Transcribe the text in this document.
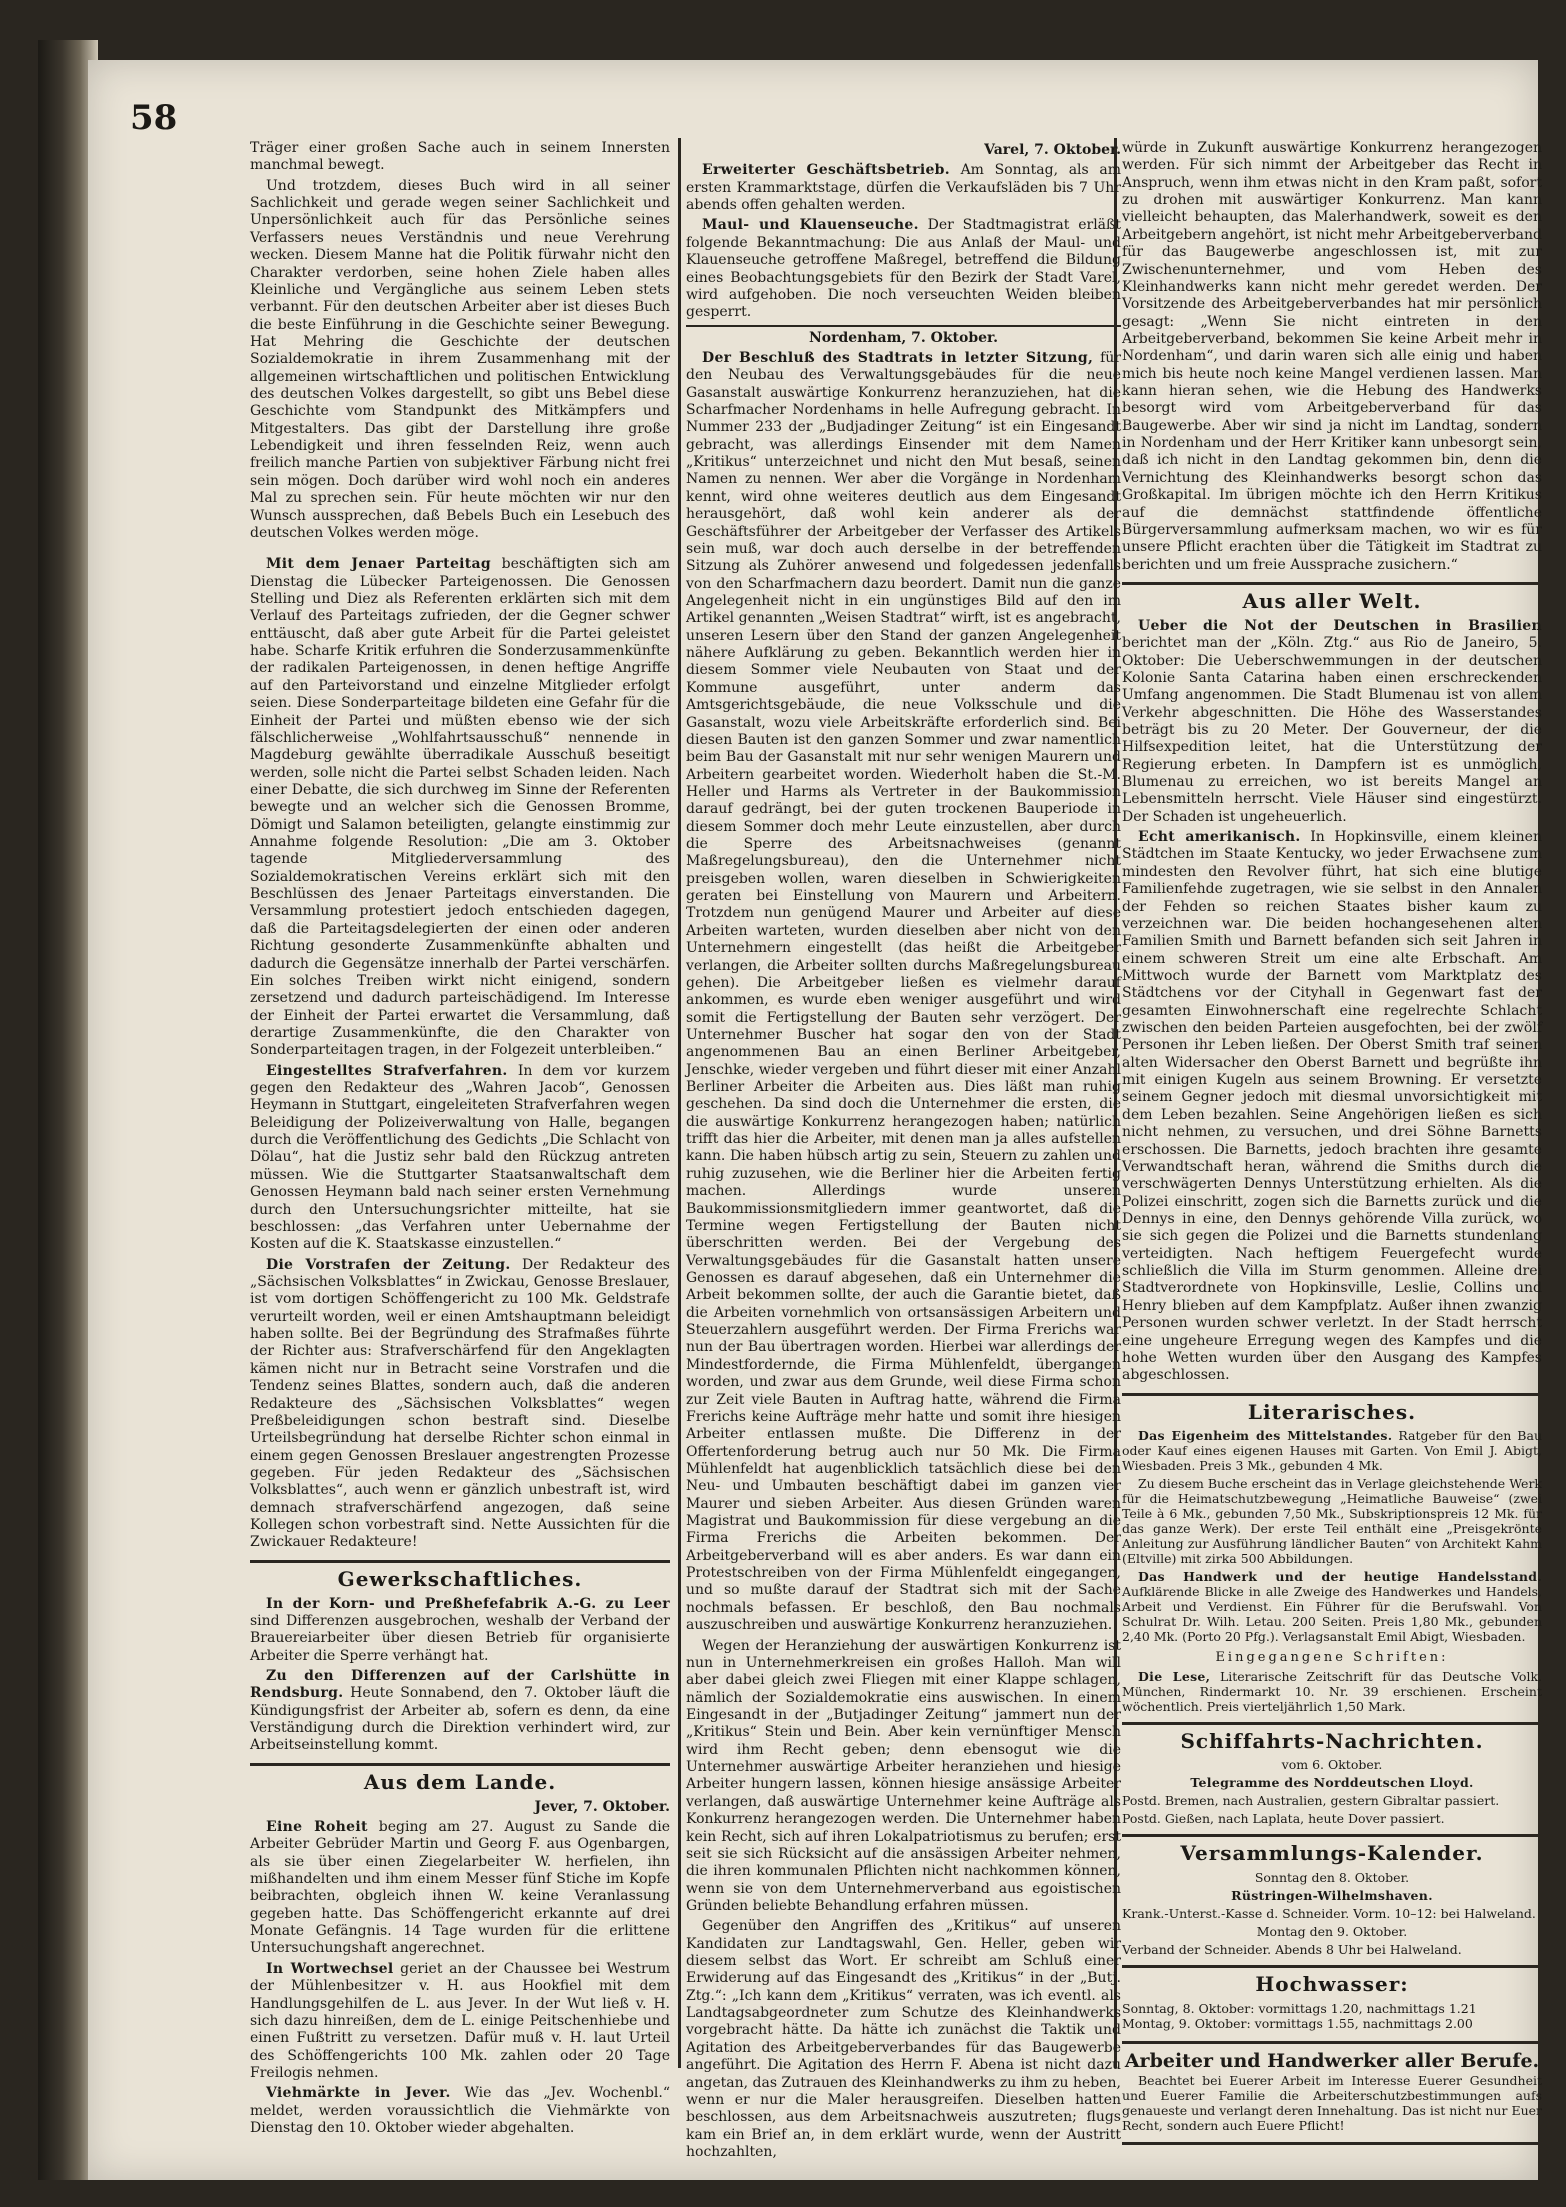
58

Träger einer großen Sache auch in seinem Innersten manchmal bewegt.

Und trotzdem, dieses Buch wird in all seiner Sachlichkeit und gerade wegen seiner Sachlichkeit und Unpersönlichkeit auch für das Persönliche seines Verfassers neues Verständnis und neue Verehrung wecken. Diesem Manne hat die Politik fürwahr nicht den Charakter verdorben, seine hohen Ziele haben alles Kleinliche und Vergängliche aus seinem Leben stets verbannt. Für den deutschen Arbeiter aber ist dieses Buch die beste Einführung in die Geschichte seiner Bewegung. Hat Mehring die Geschichte der deutschen Sozialdemokratie in ihrem Zusammenhang mit der allgemeinen wirtschaftlichen und politischen Entwicklung des deutschen Volkes dargestellt, so gibt uns Bebel diese Geschichte vom Standpunkt des Mitkämpfers und Mitgestalters. Das gibt der Darstellung ihre große Lebendigkeit und ihren fesselnden Reiz, wenn auch freilich manche Partien von subjektiver Färbung nicht frei sein mögen. Doch darüber wird wohl noch ein anderes Mal zu sprechen sein. Für heute möchten wir nur den Wunsch aussprechen, daß Bebels Buch ein Lesebuch des deutschen Volkes werden möge.

Mit dem Jenaer Parteitag beschäftigten sich am Dienstag die Lübecker Parteigenossen. Die Genossen Stelling und Diez als Referenten erklärten sich mit dem Verlauf des Parteitags zufrieden, der die Gegner schwer enttäuscht, daß aber gute Arbeit für die Partei geleistet habe. Scharfe Kritik erfuhren die Sonderzusammenkünfte der radikalen Parteigenossen, in denen heftige Angriffe auf den Parteivorstand und einzelne Mitglieder erfolgt seien. Diese Sonderparteitage bildeten eine Gefahr für die Einheit der Partei und müßten ebenso wie der sich fälschlicherweise „Wohlfahrtsausschuß“ nennende in Magdeburg gewählte überradikale Ausschuß beseitigt werden, solle nicht die Partei selbst Schaden leiden. Nach einer Debatte, die sich durchweg im Sinne der Referenten bewegte und an welcher sich die Genossen Bromme, Dömigt und Salamon beteiligten, gelangte einstimmig zur Annahme folgende Resolution: „Die am 3. Oktober tagende Mitgliederversammlung des Sozialdemokratischen Vereins erklärt sich mit den Beschlüssen des Jenaer Parteitags einverstanden. Die Versammlung protestiert jedoch entschieden dagegen, daß die Parteitagsdelegierten der einen oder anderen Richtung gesonderte Zusammenkünfte abhalten und dadurch die Gegensätze innerhalb der Partei verschärfen. Ein solches Treiben wirkt nicht einigend, sondern zersetzend und dadurch parteischädigend. Im Interesse der Einheit der Partei erwartet die Versammlung, daß derartige Zusammenkünfte, die den Charakter von Sonderparteitagen tragen, in der Folgezeit unterbleiben.“

Eingestelltes Strafverfahren. In dem vor kurzem gegen den Redakteur des „Wahren Jacob“, Genossen Heymann in Stuttgart, eingeleiteten Strafverfahren wegen Beleidigung der Polizeiverwaltung von Halle, begangen durch die Veröffentlichung des Gedichts „Die Schlacht von Dölau“, hat die Justiz sehr bald den Rückzug antreten müssen. Wie die Stuttgarter Staatsanwaltschaft dem Genossen Heymann bald nach seiner ersten Vernehmung durch den Untersuchungsrichter mitteilte, hat sie beschlossen: „das Verfahren unter Uebernahme der Kosten auf die K. Staatskasse einzustellen.“

Die Vorstrafen der Zeitung. Der Redakteur des „Sächsischen Volksblattes“ in Zwickau, Genosse Breslauer, ist vom dortigen Schöffengericht zu 100 Mk. Geldstrafe verurteilt worden, weil er einen Amtshauptmann beleidigt haben sollte. Bei der Begründung des Strafmaßes führte der Richter aus: Strafverschärfend für den Angeklagten kämen nicht nur in Betracht seine Vorstrafen und die Tendenz seines Blattes, sondern auch, daß die anderen Redakteure des „Sächsischen Volksblattes“ wegen Preßbeleidigungen schon bestraft sind. Dieselbe Urteilsbegründung hat derselbe Richter schon einmal in einem gegen Genossen Breslauer angestrengten Prozesse gegeben. Für jeden Redakteur des „Sächsischen Volksblattes“, auch wenn er gänzlich unbestraft ist, wird demnach strafverschärfend angezogen, daß seine Kollegen schon vorbestraft sind. Nette Aussichten für die Zwickauer Redakteure!

Gewerkschaftliches.

In der Korn- und Preßhefefabrik A.-G. zu Leer sind Differenzen ausgebrochen, weshalb der Verband der Brauereiarbeiter über diesen Betrieb für organisierte Arbeiter die Sperre verhängt hat.

Zu den Differenzen auf der Carlshütte in Rendsburg. Heute Sonnabend, den 7. Oktober läuft die Kündigungsfrist der Arbeiter ab, sofern es denn, da eine Verständigung durch die Direktion verhindert wird, zur Arbeitseinstellung kommt.

Aus dem Lande.
Jever, 7. Oktober.

Eine Roheit beging am 27. August zu Sande die Arbeiter Gebrüder Martin und Georg F. aus Ogenbargen, als sie über einen Ziegelarbeiter W. herfielen, ihn mißhandelten und ihm einem Messer fünf Stiche im Kopfe beibrachten, obgleich ihnen W. keine Veranlassung gegeben hatte. Das Schöffengericht erkannte auf drei Monate Gefängnis. 14 Tage wurden für die erlittene Untersuchungshaft angerechnet.

In Wortwechsel geriet an der Chaussee bei Westrum der Mühlenbesitzer v. H. aus Hookfiel mit dem Handlungsgehilfen de L. aus Jever. In der Wut ließ v. H. sich dazu hinreißen, dem de L. einige Peitschenhiebe und einen Fußtritt zu versetzen. Dafür muß v. H. laut Urteil des Schöffengerichts 100 Mk. zahlen oder 20 Tage Freilogis nehmen.

Viehmärkte in Jever. Wie das „Jev. Wochenbl.“ meldet, werden voraussichtlich die Viehmärkte von Dienstag den 10. Oktober wieder abgehalten.

Varel, 7. Oktober.

Erweiterter Geschäftsbetrieb. Am Sonntag, als am ersten Krammarktstage, dürfen die Verkaufsläden bis 7 Uhr abends offen gehalten werden.

Maul- und Klauenseuche. Der Stadtmagistrat erläßt folgende Bekanntmachung: Die aus Anlaß der Maul- und Klauenseuche getroffene Maßregel, betreffend die Bildung eines Beobachtungsgebiets für den Bezirk der Stadt Varel, wird aufgehoben. Die noch verseuchten Weiden bleiben gesperrt.

Nordenham, 7. Oktober.

Der Beschluß des Stadtrats in letzter Sitzung, für den Neubau des Verwaltungsgebäudes für die neue Gasanstalt auswärtige Konkurrenz heranzuziehen, hat die Scharfmacher Nordenhams in helle Aufregung gebracht. In Nummer 233 der „Budjadinger Zeitung“ ist ein Eingesandt gebracht, was allerdings Einsender mit dem Namen „Kritikus“ unterzeichnet und nicht den Mut besaß, seinen Namen zu nennen. Wer aber die Vorgänge in Nordenham kennt, wird ohne weiteres deutlich aus dem Eingesandt herausgehört, daß wohl kein anderer als der Geschäftsführer der Arbeitgeber der Verfasser des Artikels sein muß, war doch auch derselbe in der betreffenden Sitzung als Zuhörer anwesend und folgedessen jedenfalls von den Scharfmachern dazu beordert. Damit nun die ganze Angelegenheit nicht in ein ungünstiges Bild auf den im Artikel genannten „Weisen Stadtrat“ wirft, ist es angebracht, unseren Lesern über den Stand der ganzen Angelegenheit nähere Aufklärung zu geben. Bekanntlich werden hier in diesem Sommer viele Neubauten von Staat und der Kommune ausgeführt, unter anderm das Amtsgerichtsgebäude, die neue Volksschule und die Gasanstalt, wozu viele Arbeitskräfte erforderlich sind. Bei diesen Bauten ist den ganzen Sommer und zwar namentlich beim Bau der Gasanstalt mit nur sehr wenigen Maurern und Arbeitern gearbeitet worden. Wiederholt haben die St.-M. Heller und Harms als Vertreter in der Baukommission darauf gedrängt, bei der guten trockenen Bauperiode in diesem Sommer doch mehr Leute einzustellen, aber durch die Sperre des Arbeitsnachweises (genannt Maßregelungsbureau), den die Unternehmer nicht preisgeben wollen, waren dieselben in Schwierigkeiten geraten bei Einstellung von Maurern und Arbeitern. Trotzdem nun genügend Maurer und Arbeiter auf diese Arbeiten warteten, wurden dieselben aber nicht von den Unternehmern eingestellt (das heißt die Arbeitgeber verlangen, die Arbeiter sollten durchs Maßregelungsbureau gehen). Die Arbeitgeber ließen es vielmehr darauf ankommen, es wurde eben weniger ausgeführt und wird somit die Fertigstellung der Bauten sehr verzögert. Der Unternehmer Buscher hat sogar den von der Stadt angenommenen Bau an einen Berliner Arbeitgeber, Jenschke, wieder vergeben und führt dieser mit einer Anzahl Berliner Arbeiter die Arbeiten aus. Dies läßt man ruhig geschehen. Da sind doch die Unternehmer die ersten, die die auswärtige Konkurrenz herangezogen haben; natürlich trifft das hier die Arbeiter, mit denen man ja alles aufstellen kann. Die haben hübsch artig zu sein, Steuern zu zahlen und ruhig zuzusehen, wie die Berliner hier die Arbeiten fertig machen. Allerdings wurde unseren Baukommissionsmitgliedern immer geantwortet, daß die Termine wegen Fertigstellung der Bauten nicht überschritten werden. Bei der Vergebung des Verwaltungsgebäudes für die Gasanstalt hatten unsere Genossen es darauf abgesehen, daß ein Unternehmer die Arbeit bekommen sollte, der auch die Garantie bietet, daß die Arbeiten vornehmlich von ortsansässigen Arbeitern und Steuerzahlern ausgeführt werden. Der Firma Frerichs war nun der Bau übertragen worden. Hierbei war allerdings der Mindestfordernde, die Firma Mühlenfeldt, übergangen worden, und zwar aus dem Grunde, weil diese Firma schon zur Zeit viele Bauten in Auftrag hatte, während die Firma Frerichs keine Aufträge mehr hatte und somit ihre hiesigen Arbeiter entlassen mußte. Die Differenz in der Offertenforderung betrug auch nur 50 Mk. Die Firma Mühlenfeldt hat augenblicklich tatsächlich diese bei den Neu- und Umbauten beschäftigt dabei im ganzen vier Maurer und sieben Arbeiter. Aus diesen Gründen waren Magistrat und Baukommission für diese vergebung an die Firma Frerichs die Arbeiten bekommen. Der Arbeitgeberverband will es aber anders. Es war dann ein Protestschreiben von der Firma Mühlenfeldt eingegangen, und so mußte darauf der Stadtrat sich mit der Sache nochmals befassen. Er beschloß, den Bau nochmals auszuschreiben und auswärtige Konkurrenz heranzuziehen.

Wegen der Heranziehung der auswärtigen Konkurrenz ist nun in Unternehmerkreisen ein großes Halloh. Man will aber dabei gleich zwei Fliegen mit einer Klappe schlagen, nämlich der Sozialdemokratie eins auswischen. In einem Eingesandt in der „Butjadinger Zeitung“ jammert nun der „Kritikus“ Stein und Bein. Aber kein vernünftiger Mensch wird ihm Recht geben; denn ebensogut wie die Unternehmer auswärtige Arbeiter heranziehen und hiesige Arbeiter hungern lassen, können hiesige ansässige Arbeiter verlangen, daß auswärtige Unternehmer keine Aufträge als Konkurrenz herangezogen werden. Die Unternehmer haben kein Recht, sich auf ihren Lokalpatriotismus zu berufen; erst seit sie sich Rücksicht auf die ansässigen Arbeiter nehmen, die ihren kommunalen Pflichten nicht nachkommen können, wenn sie von dem Unternehmerverband aus egoistischen Gründen beliebte Behandlung erfahren müssen.

Gegenüber den Angriffen des „Kritikus“ auf unseren Kandidaten zur Landtagswahl, Gen. Heller, geben wir diesem selbst das Wort. Er schreibt am Schluß einer Erwiderung auf das Eingesandt des „Kritikus“ in der „Butj. Ztg.“: „Ich kann dem „Kritikus“ verraten, was ich eventl. als Landtagsabgeordneter zum Schutze des Kleinhandwerks vorgebracht hätte. Da hätte ich zunächst die Taktik und Agitation des Arbeitgeberverbandes für das Baugewerbe angeführt. Die Agitation des Herrn F. Abena ist nicht dazu angetan, das Zutrauen des Kleinhandwerks zu ihm zu heben, wenn er nur die Maler herausgreifen. Dieselben hatten beschlossen, aus dem Arbeitsnachweis auszutreten; flugs kam ein Brief an, in dem erklärt wurde, wenn der Austritt hochzahlten,

würde in Zukunft auswärtige Konkurrenz herangezogen werden. Für sich nimmt der Arbeitgeber das Recht in Anspruch, wenn ihm etwas nicht in den Kram paßt, sofort zu drohen mit auswärtiger Konkurrenz. Man kann vielleicht behaupten, das Malerhandwerk, soweit es den Arbeitgebern angehört, ist nicht mehr Arbeitgeberverband für das Baugewerbe angeschlossen ist, mit zur Zwischenunternehmer, und vom Heben des Kleinhandwerks kann nicht mehr geredet werden. Der Vorsitzende des Arbeitgeberverbandes hat mir persönlich gesagt: „Wenn Sie nicht eintreten in den Arbeitgeberverband, bekommen Sie keine Arbeit mehr in Nordenham“, und darin waren sich alle einig und haben mich bis heute noch keine Mangel verdienen lassen. Man kann hieran sehen, wie die Hebung des Handwerks besorgt wird vom Arbeitgeberverband für das Baugewerbe. Aber wir sind ja nicht im Landtag, sondern in Nordenham und der Herr Kritiker kann unbesorgt sein, daß ich nicht in den Landtag gekommen bin, denn die Vernichtung des Kleinhandwerks besorgt schon das Großkapital. Im übrigen möchte ich den Herrn Kritikus auf die demnächst stattfindende öffentliche Bürgerversammlung aufmerksam machen, wo wir es für unsere Pflicht erachten über die Tätigkeit im Stadtrat zu berichten und um freie Aussprache zusichern.“

Aus aller Welt.

Ueber die Not der Deutschen in Brasilien berichtet man der „Köln. Ztg.“ aus Rio de Janeiro, 5. Oktober: Die Ueberschwemmungen in der deutschen Kolonie Santa Catarina haben einen erschreckenden Umfang angenommen. Die Stadt Blumenau ist von allem Verkehr abgeschnitten. Die Höhe des Wasserstandes beträgt bis zu 20 Meter. Der Gouverneur, der die Hilfsexpedition leitet, hat die Unterstützung der Regierung erbeten. In Dampfern ist es unmöglich, Blumenau zu erreichen, wo ist bereits Mangel an Lebensmitteln herrscht. Viele Häuser sind eingestürzt. Der Schaden ist ungeheuerlich.

Echt amerikanisch. In Hopkinsville, einem kleinen Städtchen im Staate Kentucky, wo jeder Erwachsene zum mindesten den Revolver führt, hat sich eine blutige Familienfehde zugetragen, wie sie selbst in den Annalen der Fehden so reichen Staates bisher kaum zu verzeichnen war. Die beiden hochangesehenen alten Familien Smith und Barnett befanden sich seit Jahren in einem schweren Streit um eine alte Erbschaft. Am Mittwoch wurde der Barnett vom Marktplatz des Städtchens vor der Cityhall in Gegenwart fast der gesamten Einwohnerschaft eine regelrechte Schlacht zwischen den beiden Parteien ausgefochten, bei der zwölf Personen ihr Leben ließen. Der Oberst Smith traf seinen alten Widersacher den Oberst Barnett und begrüßte ihn mit einigen Kugeln aus seinem Browning. Er versetzte seinem Gegner jedoch mit diesmal unvorsichtigkeit mit dem Leben bezahlen. Seine Angehörigen ließen es sich nicht nehmen, zu versuchen, und drei Söhne Barnetts erschossen. Die Barnetts, jedoch brachten ihre gesamte Verwandtschaft heran, während die Smiths durch die verschwägerten Dennys Unterstützung erhielten. Als die Polizei einschritt, zogen sich die Barnetts zurück und die Dennys in eine, den Dennys gehörende Villa zurück, wo sie sich gegen die Polizei und die Barnetts stundenlang verteidigten. Nach heftigem Feuergefecht wurde schließlich die Villa im Sturm genommen. Alleine drei Stadtverordnete von Hopkinsville, Leslie, Collins und Henry blieben auf dem Kampfplatz. Außer ihnen zwanzig Personen wurden schwer verletzt. In der Stadt herrscht eine ungeheure Erregung wegen des Kampfes und die hohe Wetten wurden über den Ausgang des Kampfes abgeschlossen.

Literarisches.

Das Eigenheim des Mittelstandes. Ratgeber für den Bau oder Kauf eines eigenen Hauses mit Garten. Von Emil J. Abigt, Wiesbaden. Preis 3 Mk., gebunden 4 Mk.

Zu diesem Buche erscheint das in Verlage gleichstehende Werk für die Heimatschutzbewegung „Heimatliche Bauweise“ (zwei Teile à 6 Mk., gebunden 7,50 Mk., Subskriptionspreis 12 Mk. für das ganze Werk). Der erste Teil enthält eine „Preisgekrönte Anleitung zur Ausführung ländlicher Bauten“ von Architekt Kahm (Eltville) mit zirka 500 Abbildungen.

Das Handwerk und der heutige Handelsstand. Aufklärende Blicke in alle Zweige des Handwerkes und Handels, Arbeit und Verdienst. Ein Führer für die Berufswahl. Von Schulrat Dr. Wilh. Letau. 200 Seiten. Preis 1,80 Mk., gebunden 2,40 Mk. (Porto 20 Pfg.). Verlagsanstalt Emil Abigt, Wiesbaden.

Eingegangene Schriften:

Die Lese, Literarische Zeitschrift für das Deutsche Volk. München, Rindermarkt 10. Nr. 39 erschienen. Erscheint wöchentlich. Preis vierteljährlich 1,50 Mark.

Schiffahrts-Nachrichten.

vom 6. Oktober.

Telegramme des Norddeutschen Lloyd.

Postd. Bremen, nach Australien, gestern Gibraltar passiert.

Postd. Gießen, nach Laplata, heute Dover passiert.

Versammlungs-Kalender.

Sonntag den 8. Oktober.

Rüstringen-Wilhelmshaven.

Krank.-Unterst.-Kasse d. Schneider. Vorm. 10–12: bei Halweland.

Montag den 9. Oktober.

Verband der Schneider. Abends 8 Uhr bei Halweland.

Hochwasser:
Sonntag, 8. Oktober: vormittags 1.20, nachmittags 1.21
Montag, 9. Oktober: vormittags 1.55, nachmittags 2.00
Arbeiter und Handwerker aller Berufe.

Beachtet bei Euerer Arbeit im Interesse Euerer Gesundheit und Euerer Familie die Arbeiterschutzbestimmungen aufs genaueste und verlangt deren Innehaltung. Das ist nicht nur Euer Recht, sondern auch Euere Pflicht!
